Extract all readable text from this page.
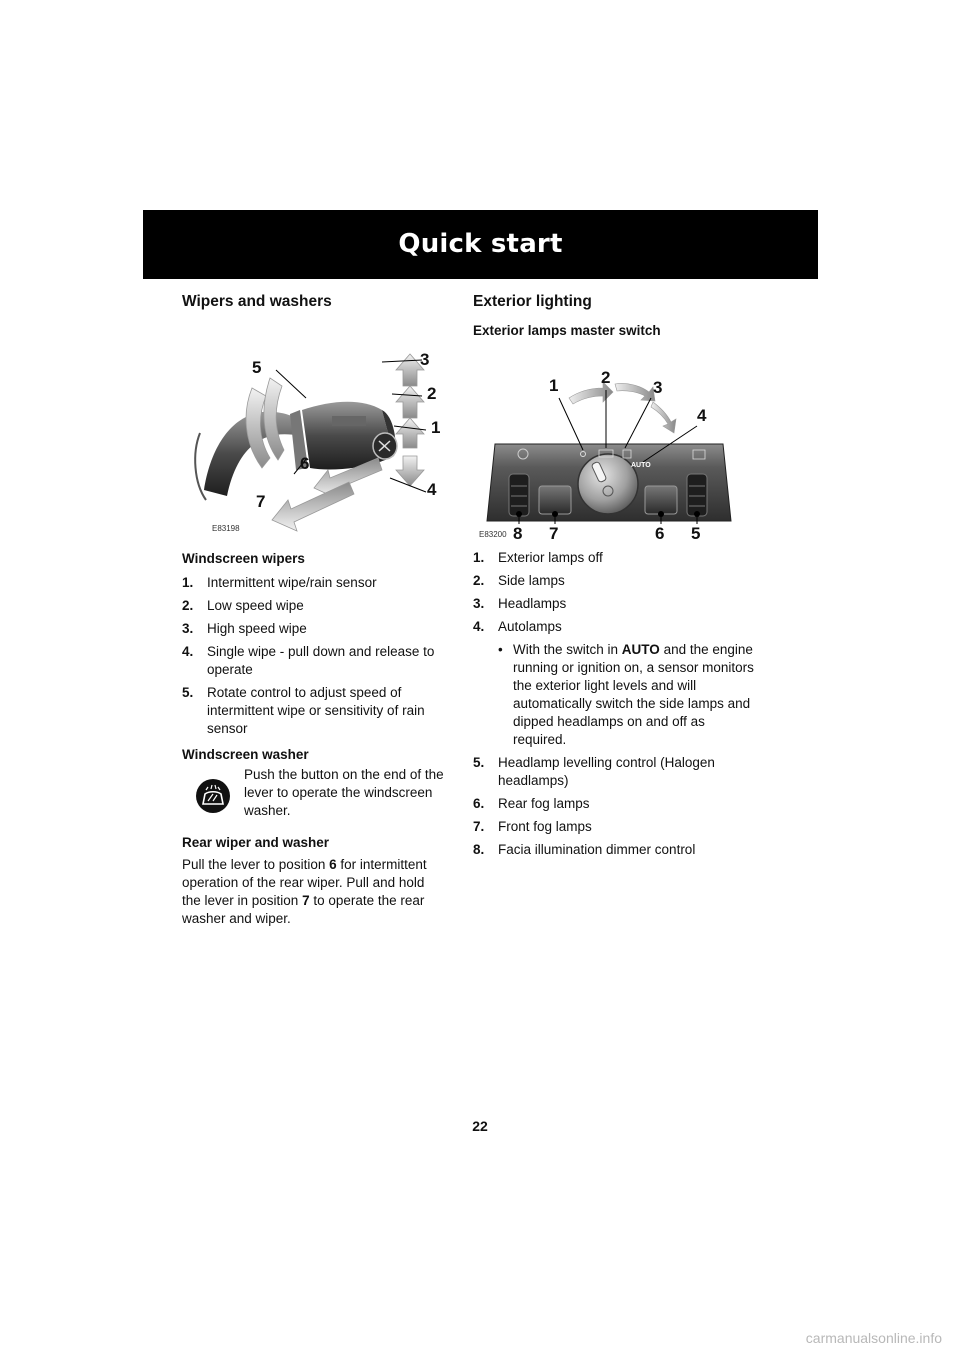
Quick start
Wipers and washers
5	3
2
1
6
4
7
E83198
Windscreen wipers
1. Intermittent wipe/rain sensor
2. Low speed wipe
3. High speed wipe
4. Single wipe - pull down and release to operate
5. Rotate control to adjust speed of intermittent wipe or sensitivity of rain sensor
Windscreen washer
Push the button on the end of the lever to operate the windscreen washer.
Rear wiper and washer

Pull the lever to position 6 for intermittent operation of the rear wiper. Pull and hold the lever in position 7 to operate the rear washer and wiper.

Exterior lighting
Exterior lamps master switch
1	2
3
4
8 7	6 5
AUTO
E83200
1. Exterior lamps off
2. Side lamps
3. Headlamps
4. Autolamps

• With the switch in AUTO and the engine running or ignition on, a sensor monitors the exterior light levels and will automatically switch the side lamps and dipped headlamps on and off as required.

5. Headlamp levelling control (Halogen headlamps)
6. Rear fog lamps
7. Front fog lamps
8. Facia illumination dimmer control
22
carmanualsonline.info
